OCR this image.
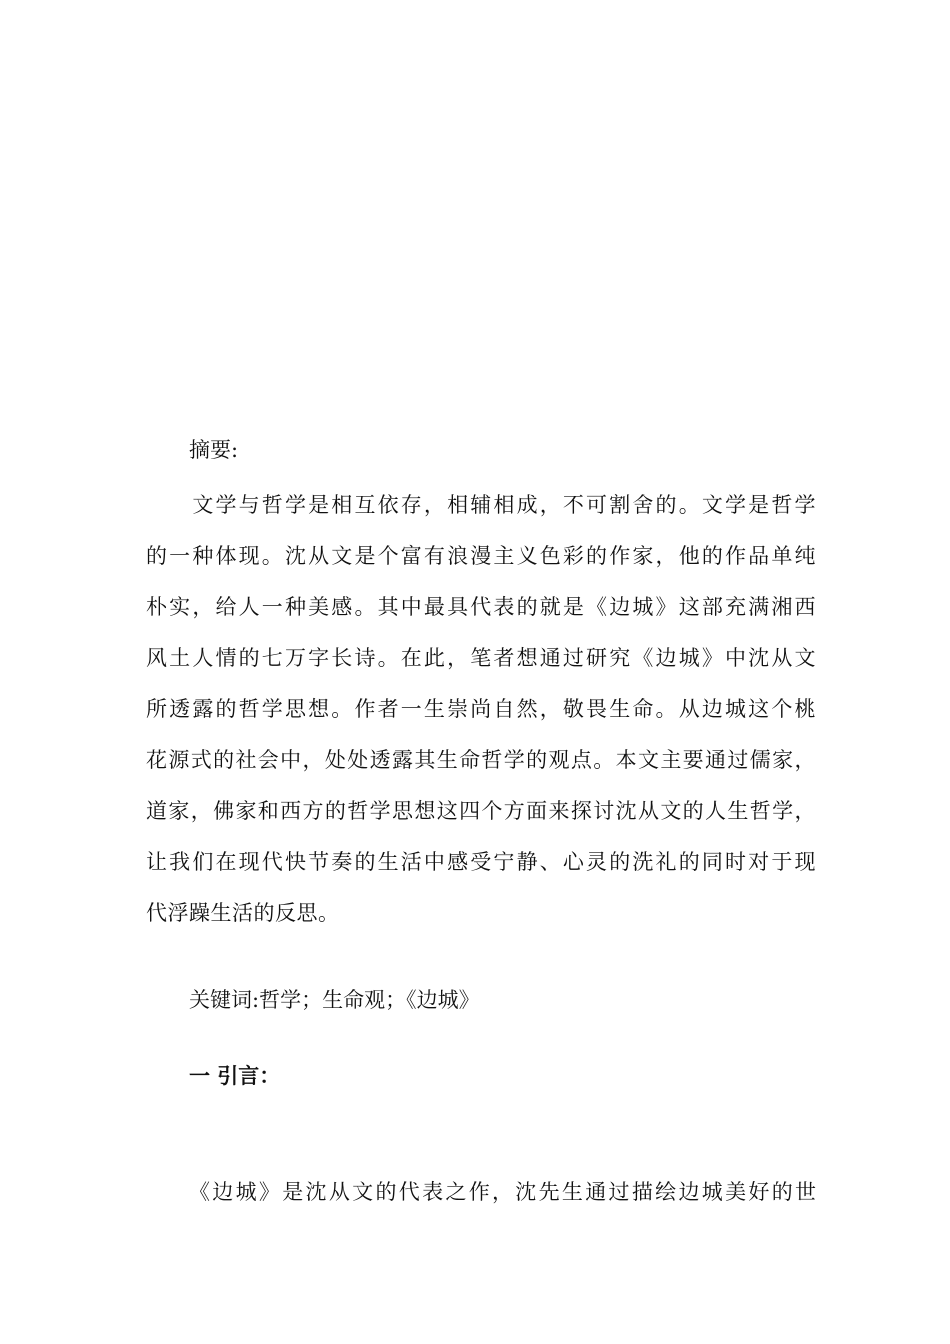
摘要:
　　文学与哲学是相互依存，相辅相成，不可割舍的。文学是哲学
的一种体现。沈从文是个富有浪漫主义色彩的作家，他的作品单纯
朴实，给人一种美感。其中最具代表的就是《边城》这部充满湘西
风土人情的七万字长诗。在此，笔者想通过研究《边城》中沈从文
所透露的哲学思想。作者一生崇尚自然，敬畏生命。从边城这个桃
花源式的社会中，处处透露其生命哲学的观点。本文主要通过儒家，
道家，佛家和西方的哲学思想这四个方面来探讨沈从文的人生哲学，
让我们在现代快节奏的生活中感受宁静、心灵的洗礼的同时对于现
代浮躁生活的反思。
关键词:哲学；生命观；《边城》
一 引言：
《边城》是沈从文的代表之作，沈先生通过描绘边城美好的世
